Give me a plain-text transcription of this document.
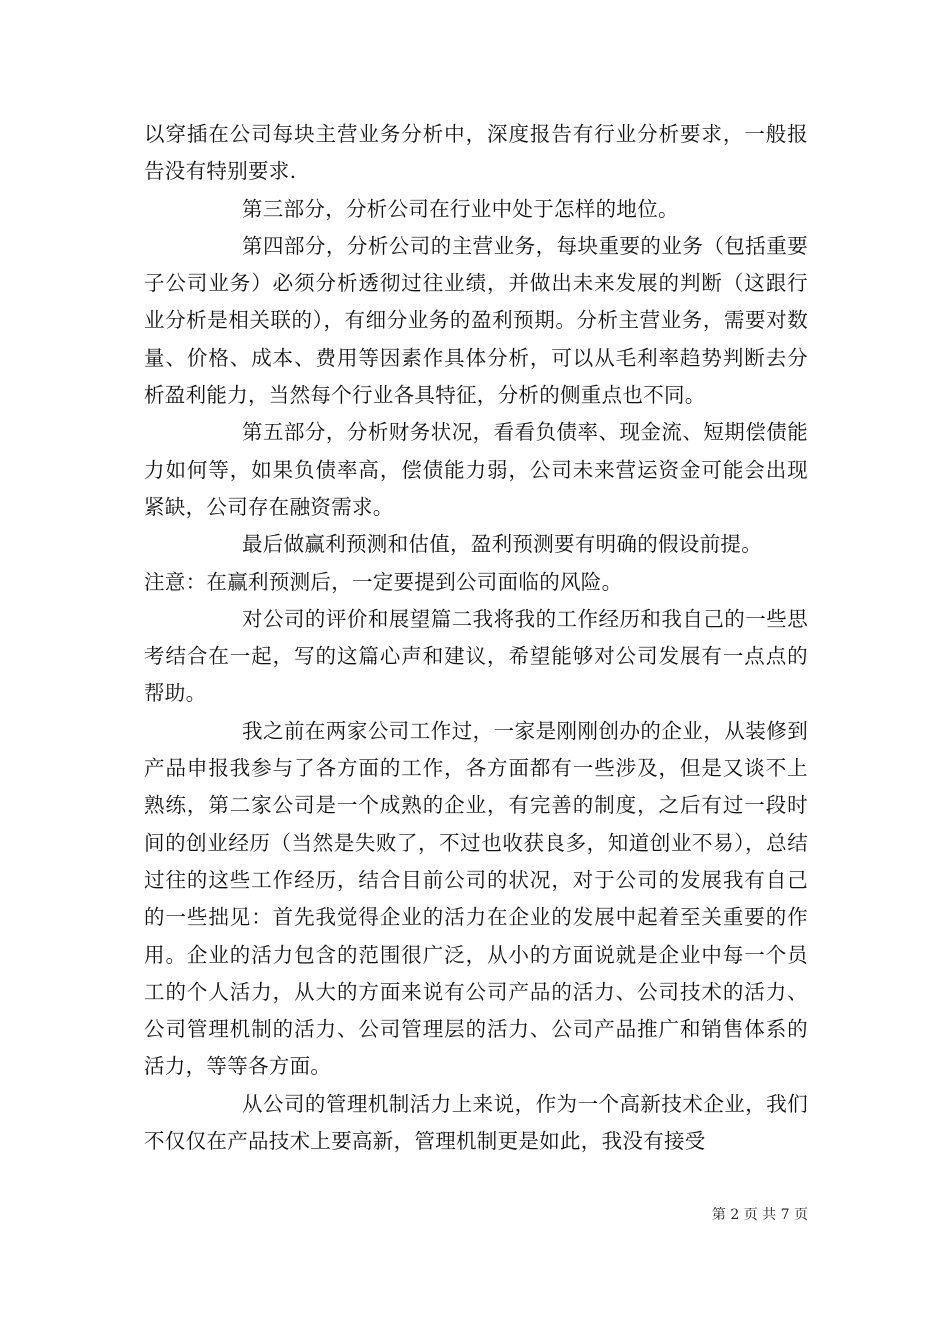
以穿插在公司每块主营业务分析中，深度报告有行业分析要求，一般报告没有特别要求.

第三部分，分析公司在行业中处于怎样的地位。

第四部分，分析公司的主营业务，每块重要的业务（包括重要子公司业务）必须分析透彻过往业绩，并做出未来发展的判断（这跟行业分析是相关联的），有细分业务的盈利预期。分析主营业务，需要对数量、价格、成本、费用等因素作具体分析，可以从毛利率趋势判断去分析盈利能力，当然每个行业各具特征，分析的侧重点也不同。

第五部分，分析财务状况，看看负债率、现金流、短期偿债能力如何等，如果负债率高，偿债能力弱，公司未来营运资金可能会出现紧缺，公司存在融资需求。

最后做赢利预测和估值，盈利预测要有明确的假设前提。

注意：在赢利预测后，一定要提到公司面临的风险。

对公司的评价和展望篇二我将我的工作经历和我自己的一些思考结合在一起，写的这篇心声和建议，希望能够对公司发展有一点点的帮助。

我之前在两家公司工作过，一家是刚刚创办的企业，从装修到产品申报我参与了各方面的工作，各方面都有一些涉及，但是又谈不上熟练，第二家公司是一个成熟的企业，有完善的制度，之后有过一段时间的创业经历（当然是失败了，不过也收获良多，知道创业不易），总结过往的这些工作经历，结合目前公司的状况，对于公司的发展我有自己的一些拙见：首先我觉得企业的活力在企业的发展中起着至关重要的作用。企业的活力包含的范围很广泛，从小的方面说就是企业中每一个员工的个人活力，从大的方面来说有公司产品的活力、公司技术的活力、公司管理机制的活力、公司管理层的活力、公司产品推广和销售体系的活力，等等各方面。

从公司的管理机制活力上来说，作为一个高新技术企业，我们不仅仅在产品技术上要高新，管理机制更是如此，我没有接受

第 2 页 共 7 页
